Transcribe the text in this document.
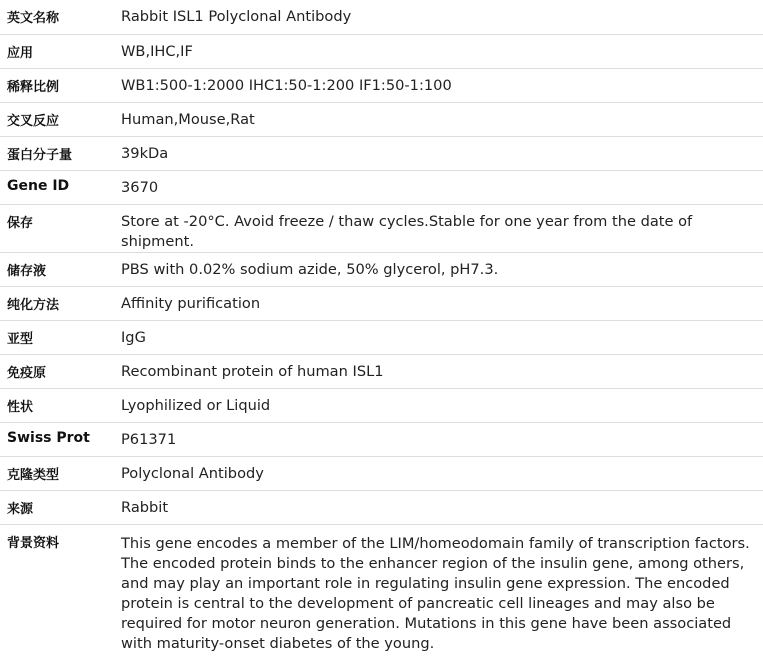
英文名称	Rabbit ISL1 Polyclonal Antibody
应用	WB,IHC,IF
稀释比例	WB1:500-1:2000 IHC1:50-1:200 IF1:50-1:100
交叉反应	Human,Mouse,Rat
蛋白分子量	39kDa
Gene ID	3670
保存	Store at -20°C. Avoid freeze / thaw cycles.Stable for one year from the date of shipment.
储存液	PBS with 0.02% sodium azide, 50% glycerol, pH7.3.
纯化方法	Affinity purification
亚型	IgG
免疫原	Recombinant protein of human ISL1
性状	Lyophilized or Liquid
Swiss Prot	P61371
克隆类型	Polyclonal Antibody
来源	Rabbit
背景资料	This gene encodes a member of the LIM/homeodomain family of transcription factors. The encoded protein binds to the enhancer region of the insulin gene, among others, and may play an important role in regulating insulin gene expression. The encoded protein is central to the development of pancreatic cell lineages and may also be required for motor neuron generation. Mutations in this gene have been associated with maturity-onset diabetes of the young.
